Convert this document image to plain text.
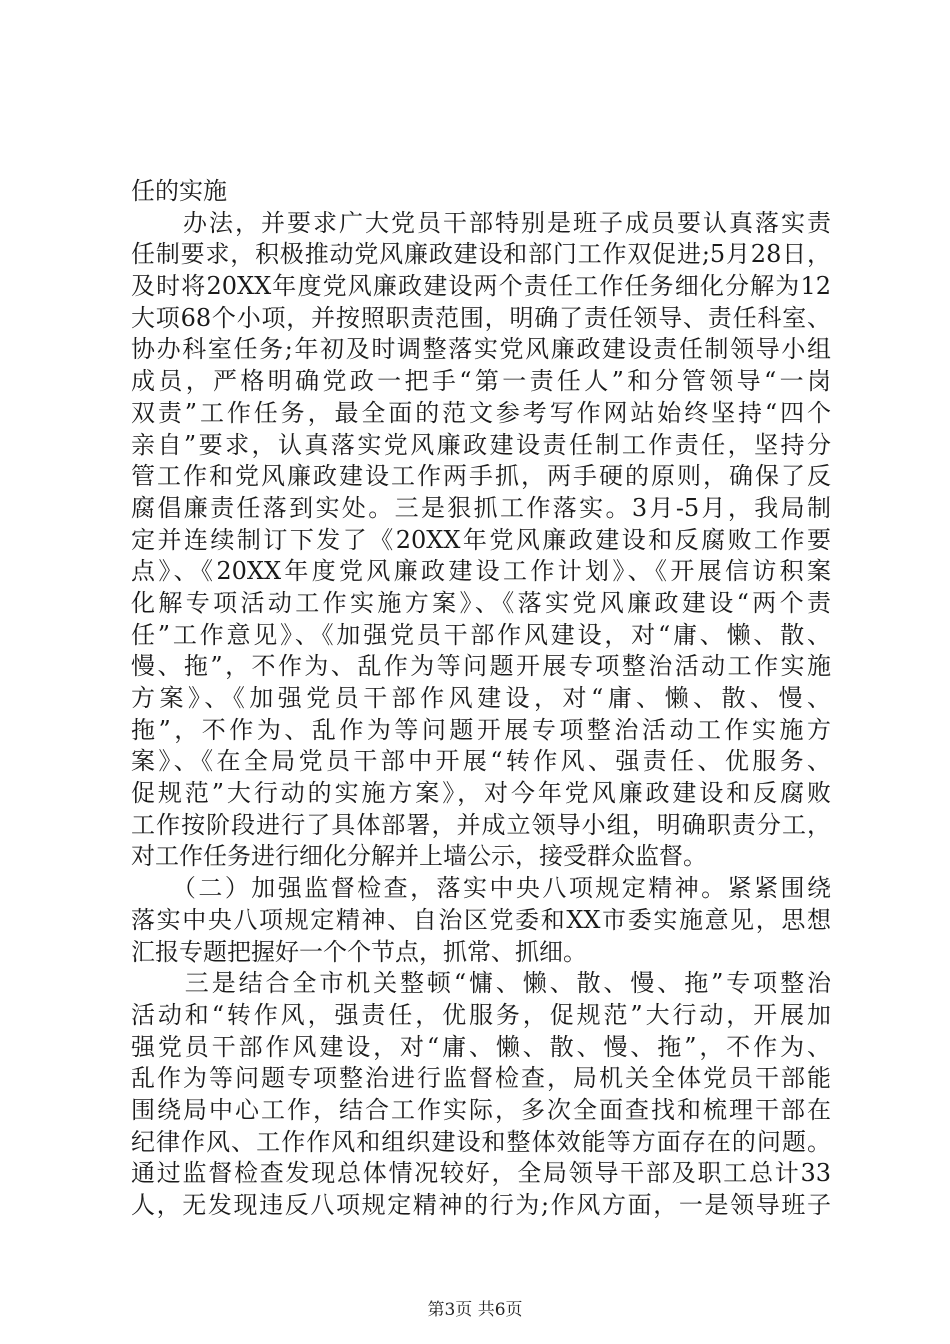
任的实施
　　办法，并要求广大党员干部特别是班子成员要认真落实责
任制要求，积极推动党风廉政建设和部门工作双促进;5月28日，
及时将20XX年度党风廉政建设两个责任工作任务细化分解为12
大项68个小项，并按照职责范围，明确了责任领导、责任科室、
协办科室任务;年初及时调整落实党风廉政建设责任制领导小组
成员，严格明确党政一把手“第一责任人”和分管领导“一岗
双责”工作任务，最全面的范文参考写作网站始终坚持“四个
亲自”要求，认真落实党风廉政建设责任制工作责任，坚持分
管工作和党风廉政建设工作两手抓，两手硬的原则，确保了反
腐倡廉责任落到实处。三是狠抓工作落实。3月-5月，我局制
定并连续制订下发了《20XX年党风廉政建设和反腐败工作要
点》、《20XX年度党风廉政建设工作计划》、《开展信访积案
化解专项活动工作实施方案》、《落实党风廉政建设“两个责
任”工作意见》、《加强党员干部作风建设，对“庸、懒、散、
慢、拖”，不作为、乱作为等问题开展专项整治活动工作实施
方案》、《加强党员干部作风建设，对“庸、懒、散、慢、
拖”，不作为、乱作为等问题开展专项整治活动工作实施方
案》、《在全局党员干部中开展“转作风、强责任、优服务、
促规范”大行动的实施方案》，对今年党风廉政建设和反腐败
工作按阶段进行了具体部署，并成立领导小组，明确职责分工，
对工作任务进行细化分解并上墙公示，接受群众监督。
　　（二）加强监督检查，落实中央八项规定精神。紧紧围绕
落实中央八项规定精神、自治区党委和XX市委实施意见，思想
汇报专题把握好一个个节点，抓常、抓细。
　　三是结合全市机关整顿“慵、懒、散、慢、拖”专项整治
活动和“转作风，强责任，优服务，促规范”大行动，开展加
强党员干部作风建设，对“庸、懒、散、慢、拖”，不作为、
乱作为等问题专项整治进行监督检查，局机关全体党员干部能
围绕局中心工作，结合工作实际，多次全面查找和梳理干部在
纪律作风、工作作风和组织建设和整体效能等方面存在的问题。
通过监督检查发现总体情况较好，全局领导干部及职工总计33
人，无发现违反八项规定精神的行为;作风方面，一是领导班子
第3页 共6页
